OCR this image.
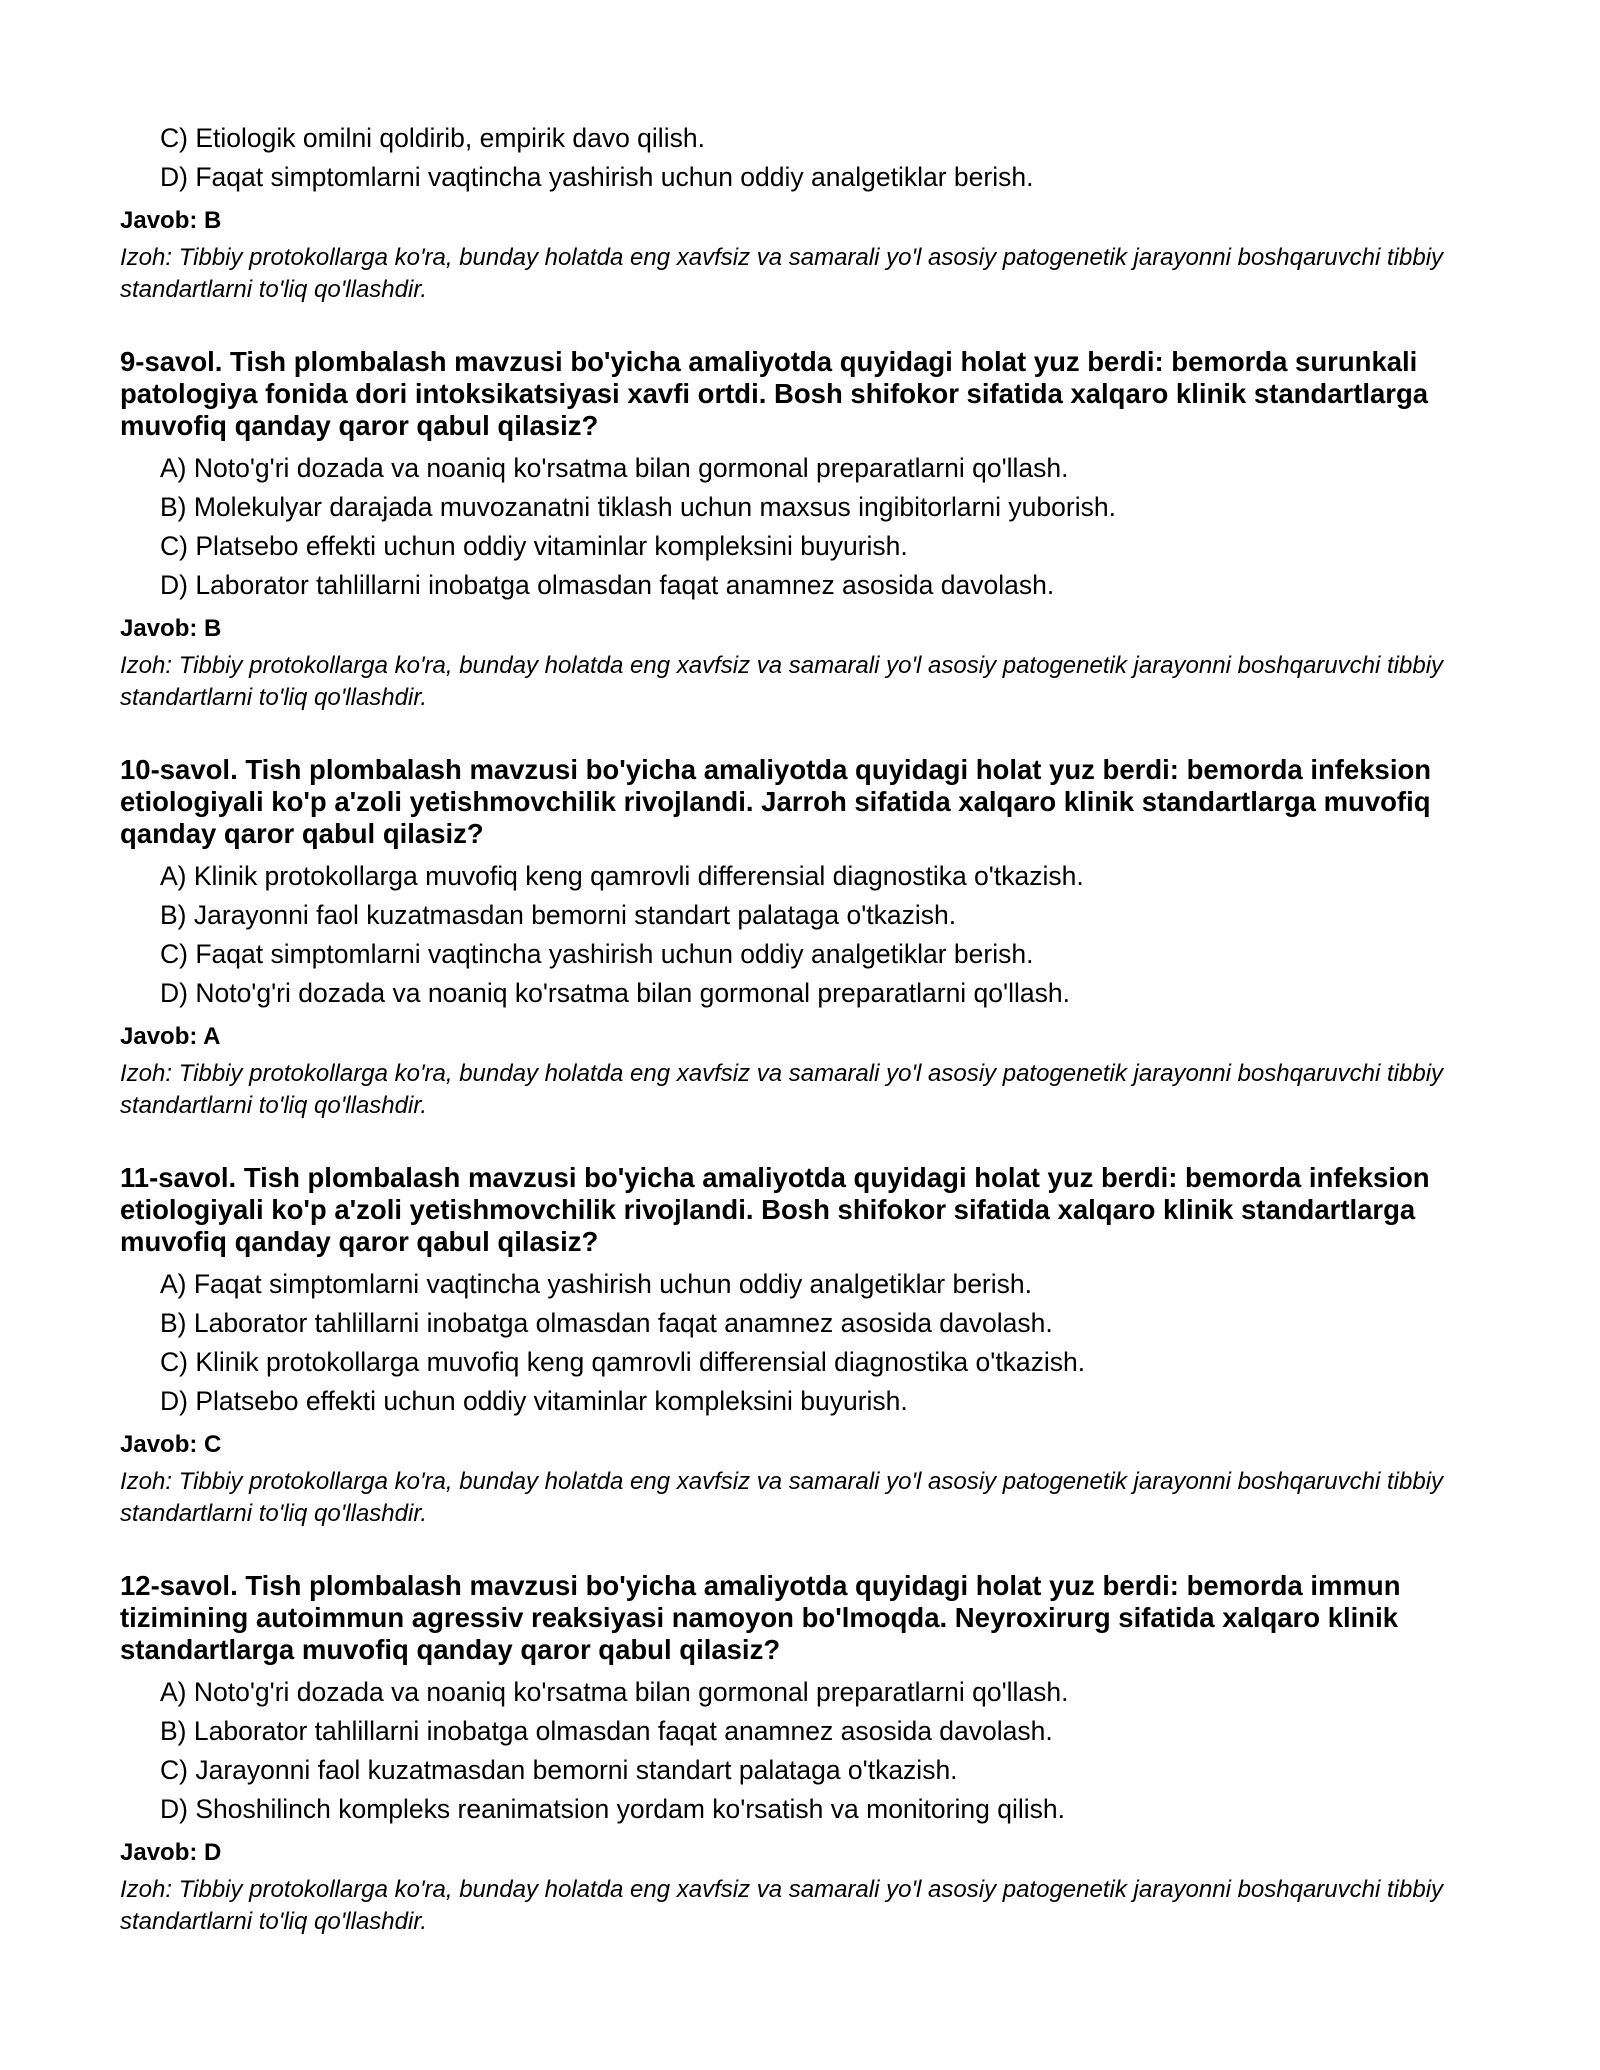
C) Etiologik omilni qoldirib, empirik davo qilish.
D) Faqat simptomlarni vaqtincha yashirish uchun oddiy analgetiklar berish.
Javob: B
Izoh: Tibbiy protokollarga ko'ra, bunday holatda eng xavfsiz va samarali yo'l asosiy patogenetik jarayonni boshqaruvchi tibbiy standartlarni to'liq qo'llashdir.
9-savol. Tish plombalash mavzusi bo'yicha amaliyotda quyidagi holat yuz berdi: bemorda surunkali patologiya fonida dori intoksikatsiyasi xavfi ortdi. Bosh shifokor sifatida xalqaro klinik standartlarga muvofiq qanday qaror qabul qilasiz?
A) Noto'g'ri dozada va noaniq ko'rsatma bilan gormonal preparatlarni qo'llash.
B) Molekulyar darajada muvozanatni tiklash uchun maxsus ingibitorlarni yuborish.
C) Platsebo effekti uchun oddiy vitaminlar kompleksini buyurish.
D) Laborator tahlillarni inobatga olmasdan faqat anamnez asosida davolash.
Javob: B
Izoh: Tibbiy protokollarga ko'ra, bunday holatda eng xavfsiz va samarali yo'l asosiy patogenetik jarayonni boshqaruvchi tibbiy standartlarni to'liq qo'llashdir.
10-savol. Tish plombalash mavzusi bo'yicha amaliyotda quyidagi holat yuz berdi: bemorda infeksion etiologiyali ko'p a'zoli yetishmovchilik rivojlandi. Jarroh sifatida xalqaro klinik standartlarga muvofiq qanday qaror qabul qilasiz?
A) Klinik protokollarga muvofiq keng qamrovli differensial diagnostika o'tkazish.
B) Jarayonni faol kuzatmasdan bemorni standart palataga o'tkazish.
C) Faqat simptomlarni vaqtincha yashirish uchun oddiy analgetiklar berish.
D) Noto'g'ri dozada va noaniq ko'rsatma bilan gormonal preparatlarni qo'llash.
Javob: A
Izoh: Tibbiy protokollarga ko'ra, bunday holatda eng xavfsiz va samarali yo'l asosiy patogenetik jarayonni boshqaruvchi tibbiy standartlarni to'liq qo'llashdir.
11-savol. Tish plombalash mavzusi bo'yicha amaliyotda quyidagi holat yuz berdi: bemorda infeksion etiologiyali ko'p a'zoli yetishmovchilik rivojlandi. Bosh shifokor sifatida xalqaro klinik standartlarga muvofiq qanday qaror qabul qilasiz?
A) Faqat simptomlarni vaqtincha yashirish uchun oddiy analgetiklar berish.
B) Laborator tahlillarni inobatga olmasdan faqat anamnez asosida davolash.
C) Klinik protokollarga muvofiq keng qamrovli differensial diagnostika o'tkazish.
D) Platsebo effekti uchun oddiy vitaminlar kompleksini buyurish.
Javob: C
Izoh: Tibbiy protokollarga ko'ra, bunday holatda eng xavfsiz va samarali yo'l asosiy patogenetik jarayonni boshqaruvchi tibbiy standartlarni to'liq qo'llashdir.
12-savol. Tish plombalash mavzusi bo'yicha amaliyotda quyidagi holat yuz berdi: bemorda immun tizimining autoimmun agressiv reaksiyasi namoyon bo'lmoqda. Neyroxirurg sifatida xalqaro klinik standartlarga muvofiq qanday qaror qabul qilasiz?
A) Noto'g'ri dozada va noaniq ko'rsatma bilan gormonal preparatlarni qo'llash.
B) Laborator tahlillarni inobatga olmasdan faqat anamnez asosida davolash.
C) Jarayonni faol kuzatmasdan bemorni standart palataga o'tkazish.
D) Shoshilinch kompleks reanimatsion yordam ko'rsatish va monitoring qilish.
Javob: D
Izoh: Tibbiy protokollarga ko'ra, bunday holatda eng xavfsiz va samarali yo'l asosiy patogenetik jarayonni boshqaruvchi tibbiy standartlarni to'liq qo'llashdir.
